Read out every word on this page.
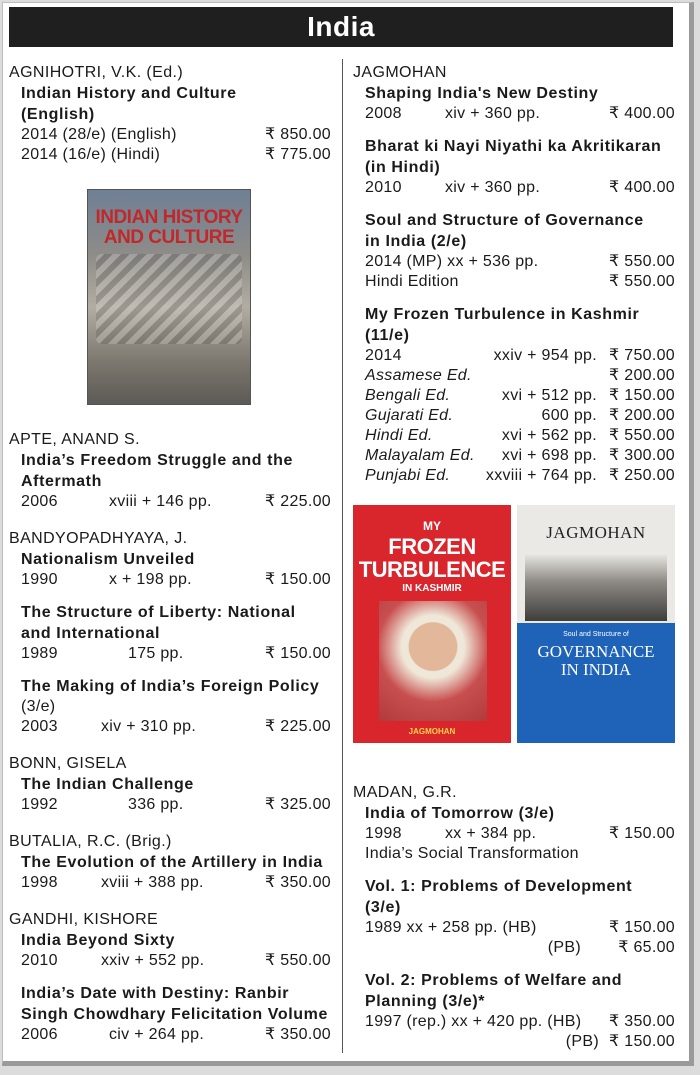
India
AGNIHOTRI, V.K. (Ed.)
Indian History and Culture
(English)
2014 (28/e) (English)	₹ 850.00
2014 (16/e) (Hindi)	₹ 775.00
INDIAN HISTORY
AND CULTURE
APTE, ANAND S.
India’s Freedom Struggle and the
Aftermath
2006	xviii + 146 pp.	₹ 225.00
BANDYOPADHYAYA, J.
Nationalism Unveiled
1990	x + 198 pp.	₹ 150.00
The Structure of Liberty: National
and International
1989	175 pp.	₹ 150.00
The Making of India’s Foreign Policy
(3/e)
2003	xiv + 310 pp.	₹ 225.00
BONN, GISELA
The Indian Challenge
1992	336 pp.	₹ 325.00
BUTALIA, R.C. (Brig.)
The Evolution of the Artillery in India
1998	xviii + 388 pp.	₹ 350.00
GANDHI, KISHORE
India Beyond Sixty
2010	xxiv + 552 pp.	₹ 550.00
India’s Date with Destiny: Ranbir
Singh Chowdhary Felicitation Volume
2006	civ + 264 pp.	₹ 350.00
JAGMOHAN
Shaping India's New Destiny
2008	xiv + 360 pp.	₹ 400.00
Bharat ki Nayi Niyathi ka Akritikaran
(in Hindi)
2010	xiv + 360 pp.	₹ 400.00
Soul and Structure of Governance
in India (2/e)
2014 (MP) xx + 536 pp.	₹ 550.00
Hindi Edition	₹ 550.00
My Frozen Turbulence in Kashmir
(11/e)
2014	xxiv + 954 pp. ₹ 750.00
Assamese Ed.	₹ 200.00
Bengali Ed.	xvi + 512 pp. ₹ 150.00
Gujarati Ed.	600 pp. ₹ 200.00
Hindi Ed.	xvi + 562 pp. ₹ 550.00
Malayalam Ed.	xvi + 698 pp. ₹ 300.00
Punjabi Ed.	xxviii + 764 pp. ₹ 250.00
MY
FROZEN
TURBULENCE
IN KASHMIR
JAGMOHAN
JAGMOHAN
Soul and Structure of
GOVERNANCE
IN INDIA
MADAN, G.R.
India of Tomorrow (3/e)
1998	xx + 384 pp.	₹ 150.00
India’s Social Transformation
Vol. 1: Problems of Development
(3/e)
1989 xx + 258 pp. (HB)	₹ 150.00
(PB)	₹ 65.00
Vol. 2: Problems of Welfare and
Planning (3/e)*
1997 (rep.) xx + 420 pp. (HB)	₹ 350.00
(PB) ₹ 150.00
